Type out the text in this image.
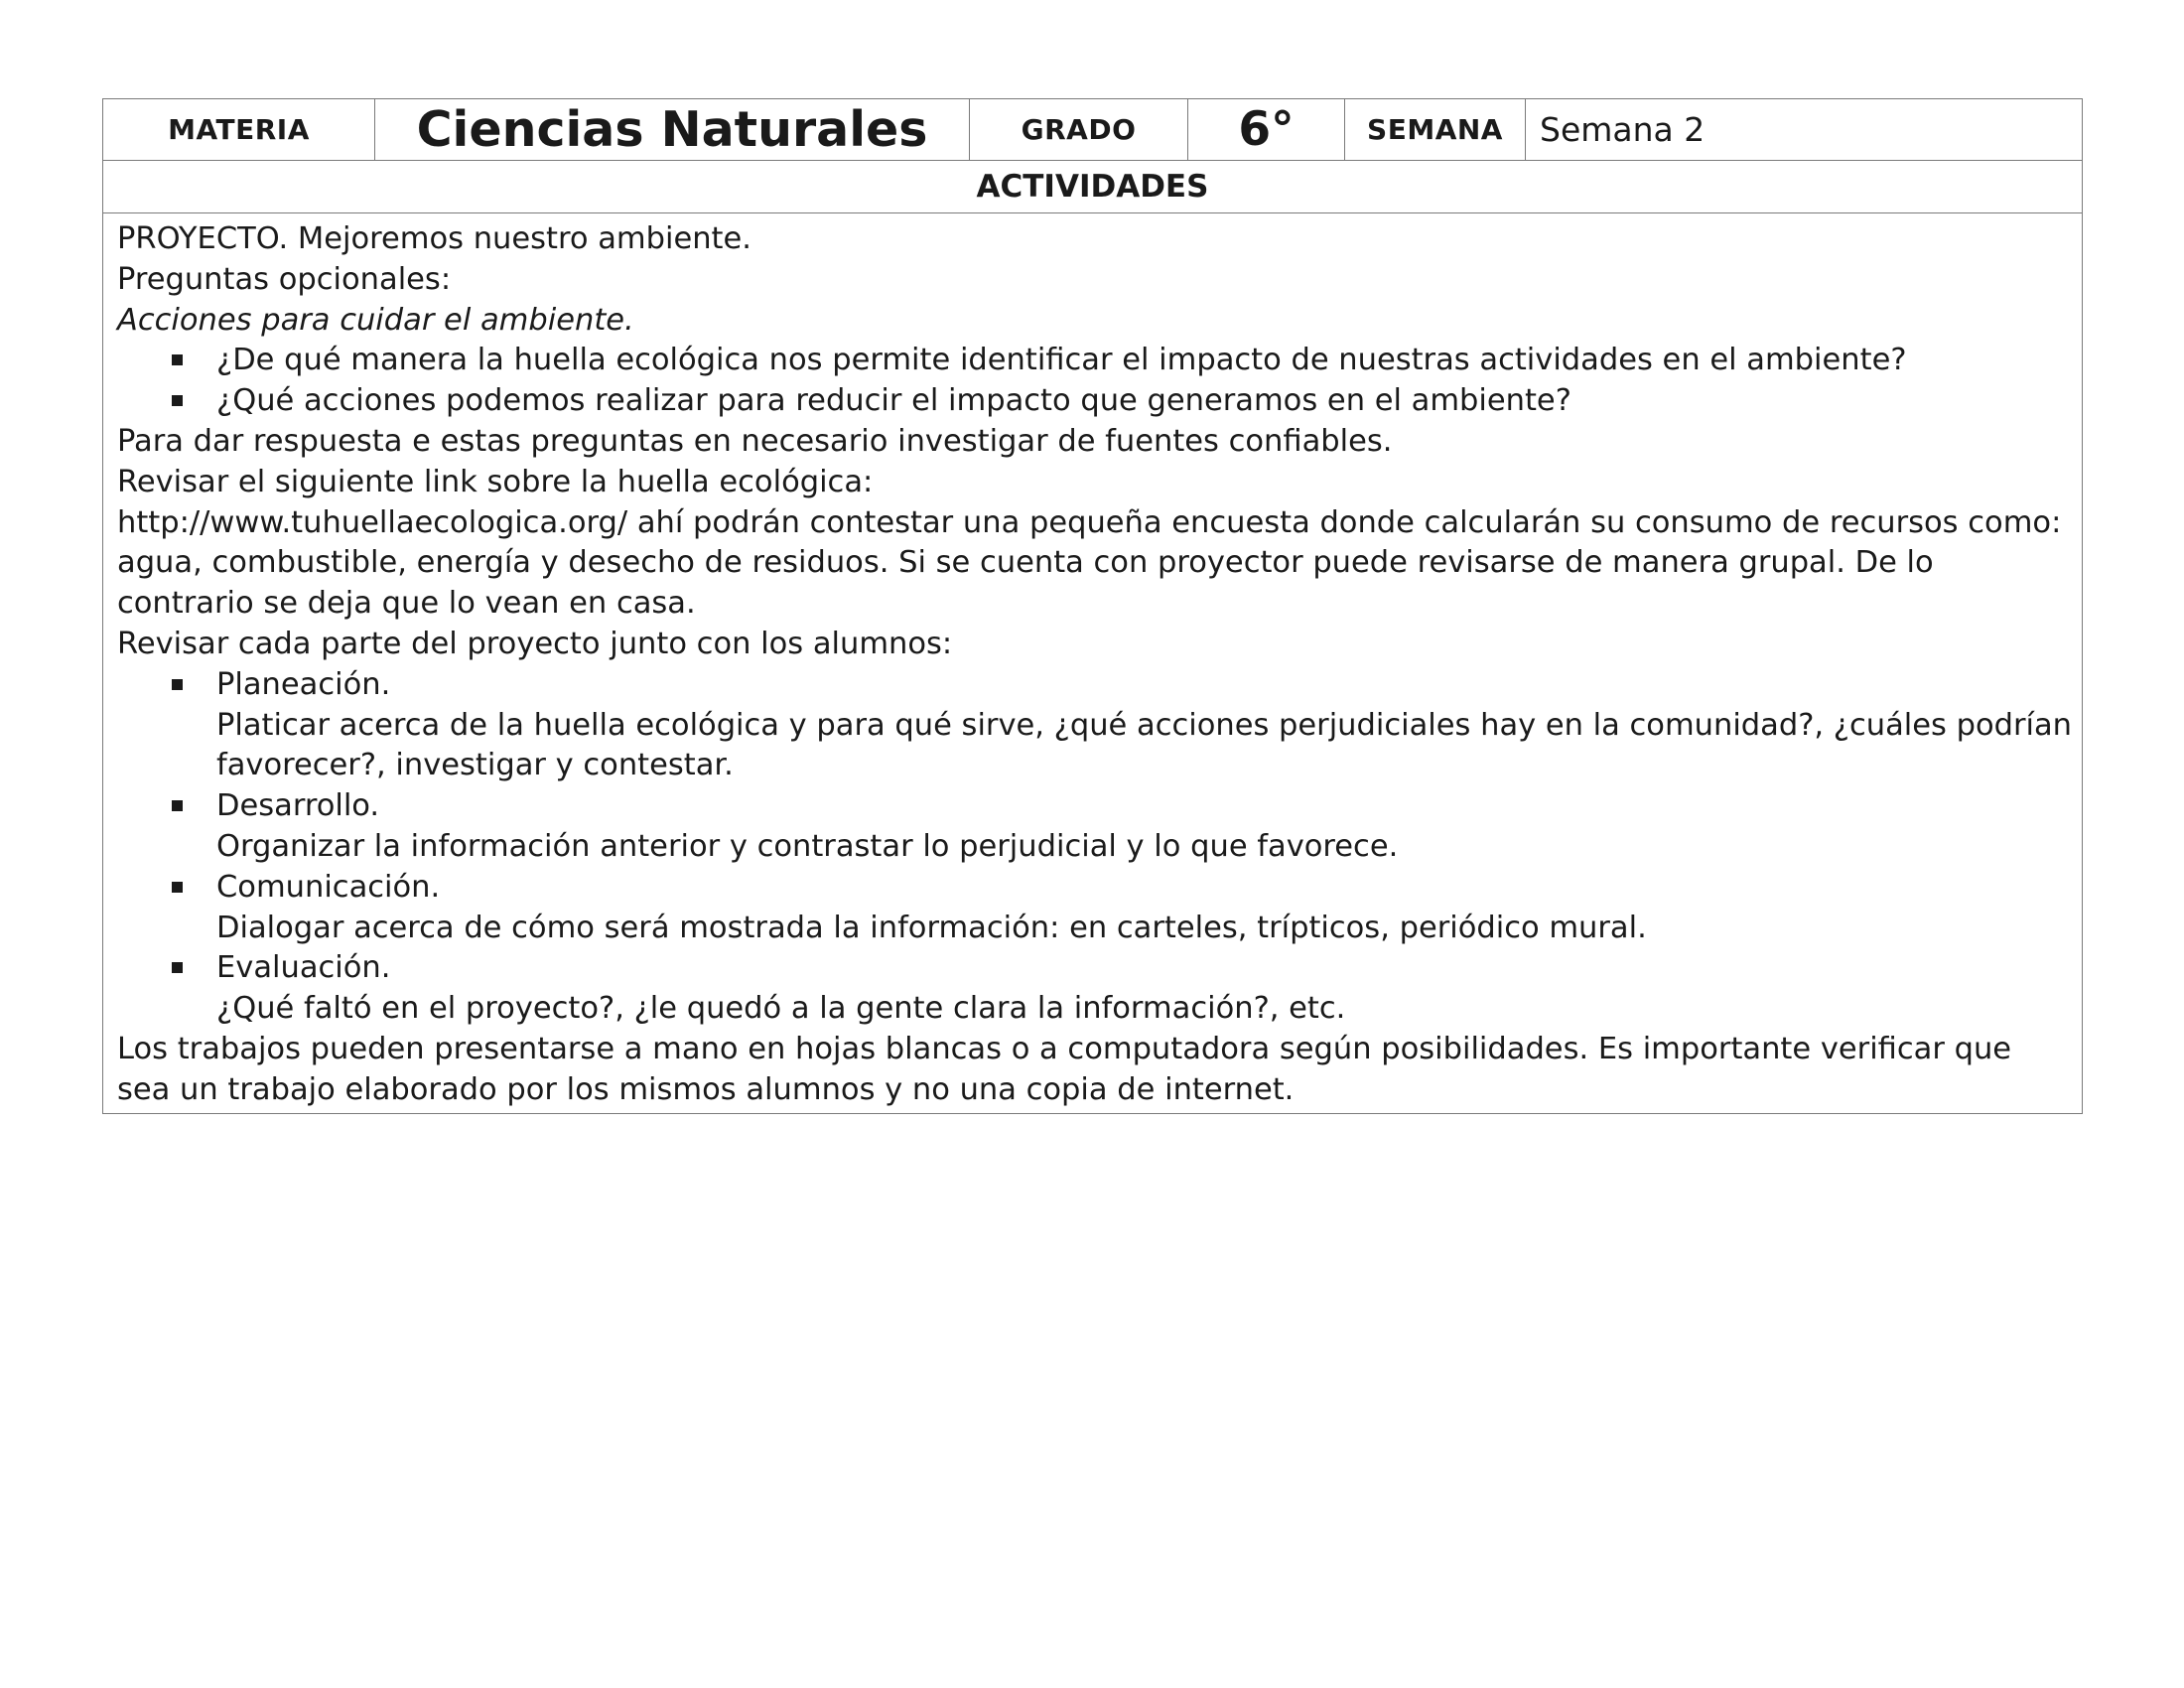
MATERIA	Ciencias Naturales	GRADO	6°	SEMANA	Semana 2
ACTIVIDADES

PROYECTO. Mejoremos nuestro ambiente.

Preguntas opcionales:

Acciones para cuidar el ambiente.

¿De qué manera la huella ecológica nos permite identificar el impacto de nuestras actividades en el ambiente?
¿Qué acciones podemos realizar para reducir el impacto que generamos en el ambiente?

Para dar respuesta e estas preguntas en necesario investigar de fuentes confiables.

Revisar el siguiente link sobre la huella ecológica:

http://www.tuhuellaecologica.org/ ahí podrán contestar una pequeña encuesta donde calcularán su consumo de recursos como: agua, combustible, energía y desecho de residuos. Si se cuenta con proyector puede revisarse de manera grupal. De lo contrario se deja que lo vean en casa.

Revisar cada parte del proyecto junto con los alumnos:

Planeación.
Platicar acerca de la huella ecológica y para qué sirve, ¿qué acciones perjudiciales hay en la comunidad?, ¿cuáles podrían favorecer?, investigar y contestar.
Desarrollo.
Organizar la información anterior y contrastar lo perjudicial y lo que favorece.
Comunicación.
Dialogar acerca de cómo será mostrada la información: en carteles, trípticos, periódico mural.
Evaluación.
¿Qué faltó en el proyecto?, ¿le quedó a la gente clara la información?, etc.

Los trabajos pueden presentarse a mano en hojas blancas o a computadora según posibilidades. Es importante verificar que sea un trabajo elaborado por los mismos alumnos y no una copia de internet.
